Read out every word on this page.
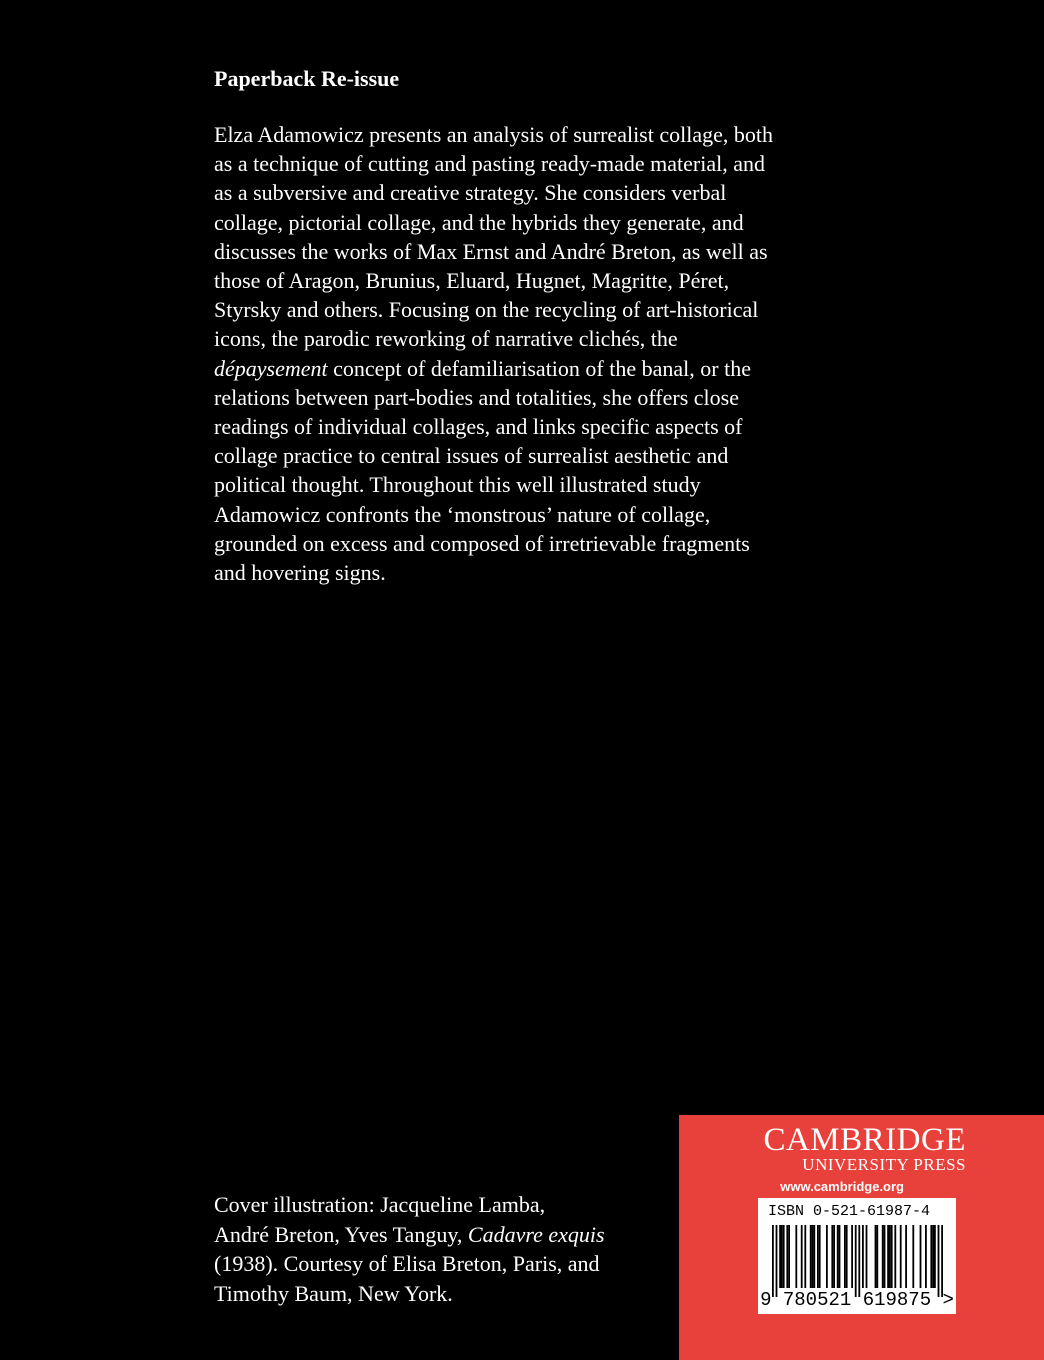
Paperback Re-issue
Elza Adamowicz presents an analysis of surrealist collage, both
as a technique of cutting and pasting ready-made material, and
as a subversive and creative strategy. She considers verbal
collage, pictorial collage, and the hybrids they generate, and
discusses the works of Max Ernst and André Breton, as well as
those of Aragon, Brunius, Eluard, Hugnet, Magritte, Péret,
Styrsky and others. Focusing on the recycling of art-historical
icons, the parodic reworking of narrative clichés, the
dépaysement concept of defamiliarisation of the banal, or the
relations between part-bodies and totalities, she offers close
readings of individual collages, and links specific aspects of
collage practice to central issues of surrealist aesthetic and
political thought. Throughout this well illustrated study
Adamowicz confronts the ‘monstrous’ nature of collage,
grounded on excess and composed of irretrievable fragments
and hovering signs.
Cover illustration: Jacqueline Lamba,
André Breton, Yves Tanguy, Cadavre exquis
(1938). Courtesy of Elisa Breton, Paris, and
Timothy Baum, New York.
CAMBRIDGE
UNIVERSITY PRESS
www.cambridge.org
ISBN 0-521-61987-4
9 780521 619875 >
